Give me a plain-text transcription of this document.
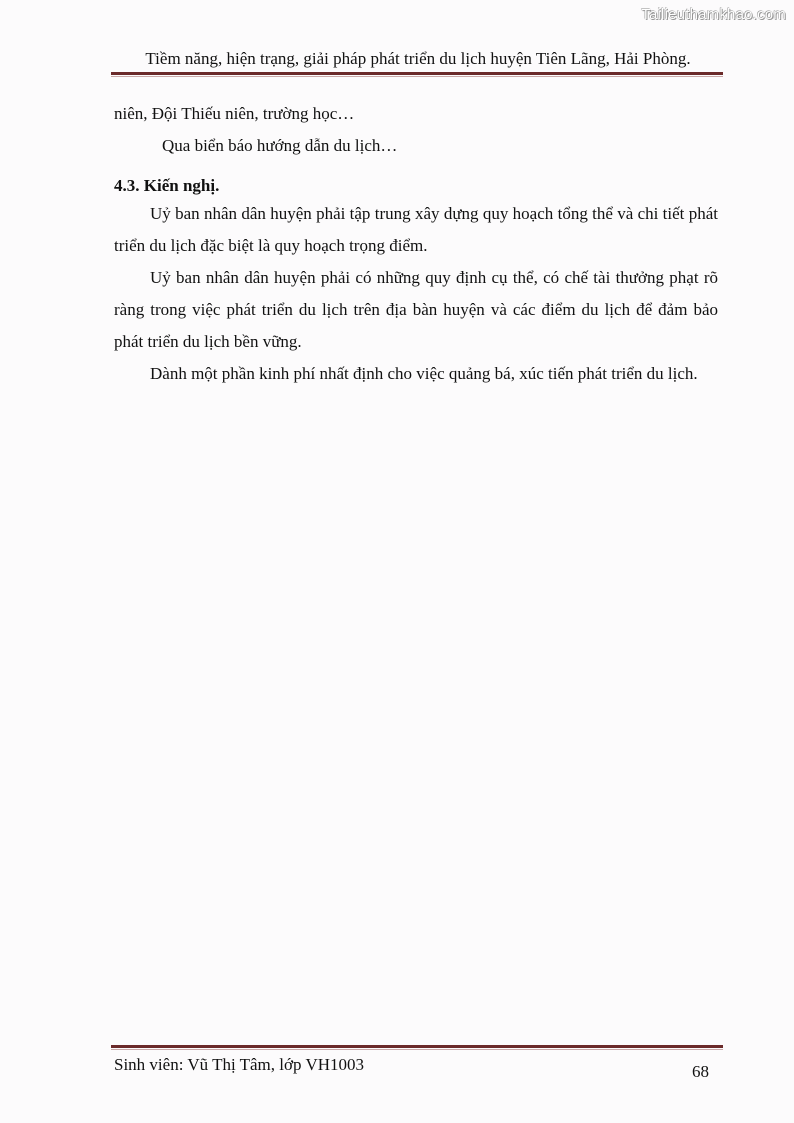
Tailieuthamkhao.com
Tiềm năng, hiện trạng, giải pháp phát triển du lịch huyện Tiên Lãng, Hải Phòng.

niên, Đội Thiếu niên, trường học…

Qua biển báo hướng dẫn du lịch…

4.3. Kiến nghị.

Uỷ ban nhân dân huyện phải tập trung xây dựng quy hoạch tổng thể và chi tiết phát triển du lịch đặc biệt là quy hoạch trọng điểm.

Uỷ ban nhân dân huyện phải có những quy định cụ thể, có chế tài thưởng phạt rõ ràng trong việc phát triển du lịch trên địa bàn huyện và các điểm du lịch để đảm bảo phát triển du lịch bền vững.

Dành một phần kinh phí nhất định cho việc quảng bá, xúc tiến phát triển du lịch.

Sinh viên: Vũ Thị Tâm, lớp VH1003	68
